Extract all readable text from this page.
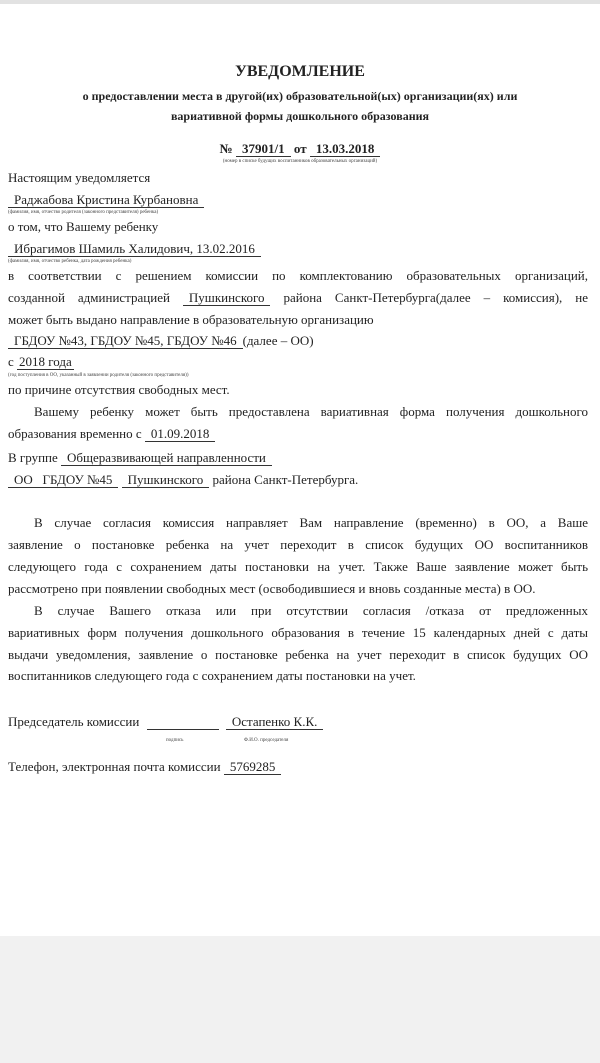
УВЕДОМЛЕНИЕ
о предоставлении места в другой(их) образовательной(ых) организации(ях) или
вариативной формы дошкольного образования
№ 37901/1 от 13.03.2018
(номер в списке будущих воспитанников образовательных организаций)
Настоящим уведомляется
Раджабова Кристина Курбановна
(фамилия, имя, отчество родителя (законного представителя) ребенка)
о том, что Вашему ребенку
Ибрагимов Шамиль Халидович, 13.02.2016
(фамилия, имя, отчество ребенка, дата рождения ребенка)
в соответствии с решением комиссии по комплектованию образовательных организаций,
созданной администрацией Пушкинского района Санкт-Петербурга(далее – комиссия), не
может быть выдано направление в образовательную организацию
ГБДОУ №43, ГБДОУ №45, ГБДОУ №46 (далее – ОО)
с 2018 года
(год поступления в ОО, указанный в заявлении родителя (законного представителя))
по причине отсутствия свободных мест.
Вашему ребенку может быть предоставлена вариативная форма получения дошкольного
образования временно с 01.09.2018
В группе Общеразвивающей направленности
ОО ГБДОУ №45 Пушкинского района Санкт-Петербурга.
В случае согласия комиссия направляет Вам направление (временно) в ОО, а Ваше
заявление о постановке ребенка на учет переходит в список будущих ОО воспитанников
следующего года с сохранением даты постановки на учет. Также Ваше заявление может быть
рассмотрено при появлении свободных мест (освободившиеся и вновь созданные места) в ОО.
В случае Вашего отказа или при отсутствии согласия /отказа от предложенных
вариативных форм получения дошкольного образования в течение 15 календарных дней с даты
выдачи уведомления, заявление о постановке ребенка на учет переходит в список будущих ОО
воспитанников следующего года с сохранением даты постановки на учет.
Председатель комиссии	Остапенко К.К.
подпись	Ф.И.О. председателя
Телефон, электронная почта комиссии 5769285
